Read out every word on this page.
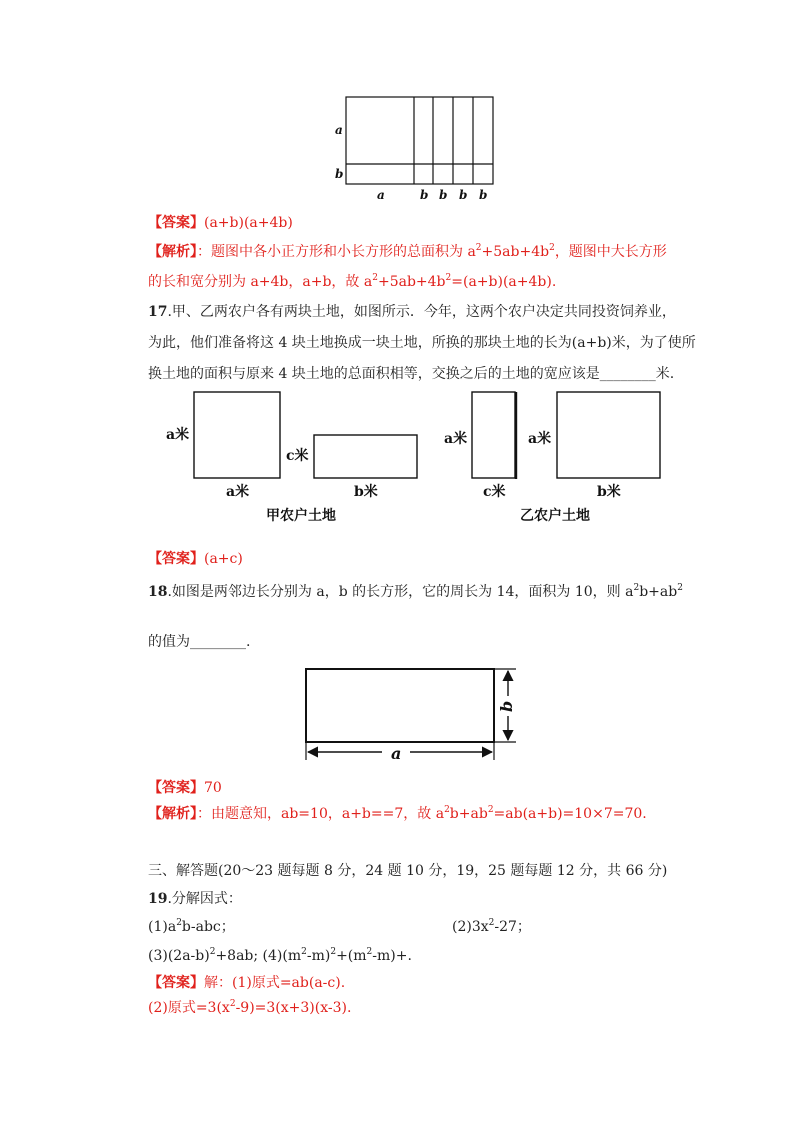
a
b
a	b b b b
【答案】(a+b)(a+4b)
【解析】：题图中各小正方形和小长方形的总面积为 $a^2+5ab+4b^2$，题图中大长方形
的长和宽分别为 a+4b，a+b，故 $a^2+5ab+4b^2=(a+b)(a+4b)$.
17.甲、乙两农户各有两块土地，如图所示．今年，这两个农户决定共同投资饲养业，
为此，他们准备将这 4 块土地换成一块土地，所换的那块土地的长为(a+b)米，为了使所
换土地的面积与原来 4 块土地的总面积相等，交换之后的土地的宽应该是________米.
a米
a米
c米
b米
a米
c米
a米
b米
甲农户土地	乙农户土地
【答案】(a+c)
18.如图是两邻边长分别为 a，b 的长方形，它的周长为 14，面积为 10，则 $a^2b+ab^2$
的值为________.
a
b
【答案】70
【解析】：由题意知，ab=10，a+b==7，故 $a^2b+ab^2=ab(a+b)=10\times 7=70$.
三、解答题(20～23 题每题 8 分，24 题 10 分，19，25 题每题 12 分，共 66 分)
19.分解因式：
$(1)a^2b$-abc；	$(2)3x^2-27$；
$(3)(2a-b)^2+8ab$; $(4)(m^2-m)^2+(m^2-m)+$.
【答案】解：(1)原式=ab(a-c).
(2)原式$=3(x^2-9)=3(x+3)(x-3)$.
